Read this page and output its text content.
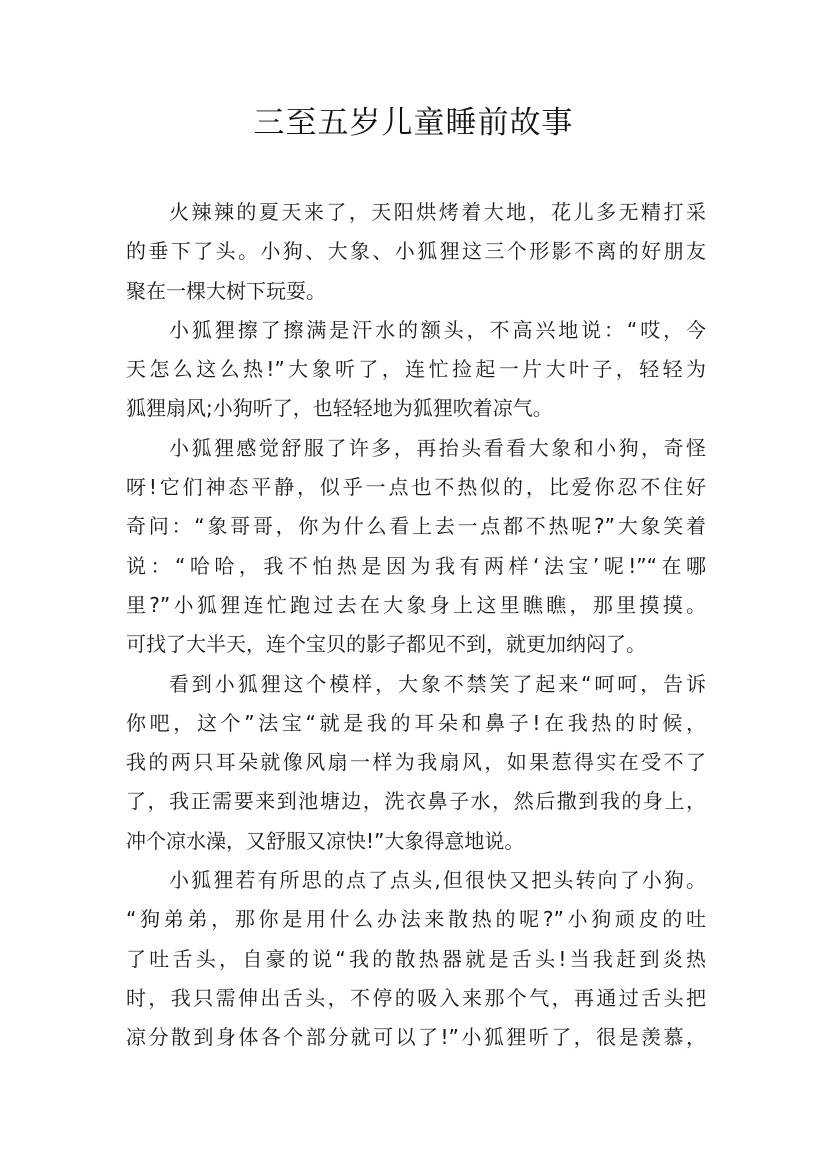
三至五岁儿童睡前故事
火辣辣的夏天来了，天阳烘烤着大地，花儿多无精打采
的垂下了头。小狗、大象、小狐狸这三个形影不离的好朋友
聚在一棵大树下玩耍。
小狐狸擦了擦满是汗水的额头，不高兴地说：“哎，今
天怎么这么热!”大象听了，连忙捡起一片大叶子，轻轻为
狐狸扇风;小狗听了，也轻轻地为狐狸吹着凉气。
小狐狸感觉舒服了许多，再抬头看看大象和小狗，奇怪
呀!它们神态平静，似乎一点也不热似的，比爱你忍不住好
奇问：“象哥哥，你为什么看上去一点都不热呢?”大象笑着
说：“哈哈，我不怕热是因为我有两样‘法宝’呢!”“在哪
里?”小狐狸连忙跑过去在大象身上这里瞧瞧，那里摸摸。
可找了大半天，连个宝贝的影子都见不到，就更加纳闷了。
看到小狐狸这个模样，大象不禁笑了起来“呵呵，告诉
你吧，这个”法宝“就是我的耳朵和鼻子!在我热的时候，
我的两只耳朵就像风扇一样为我扇风，如果惹得实在受不了
了，我正需要来到池塘边，洗衣鼻子水，然后撒到我的身上，
冲个凉水澡，又舒服又凉快!”大象得意地说。
小狐狸若有所思的点了点头,但很快又把头转向了小狗。
“狗弟弟，那你是用什么办法来散热的呢?”小狗顽皮的吐
了吐舌头，自豪的说“我的散热器就是舌头!当我赶到炎热
时，我只需伸出舌头，不停的吸入来那个气，再通过舌头把
凉分散到身体各个部分就可以了!”小狐狸听了，很是羡慕，
